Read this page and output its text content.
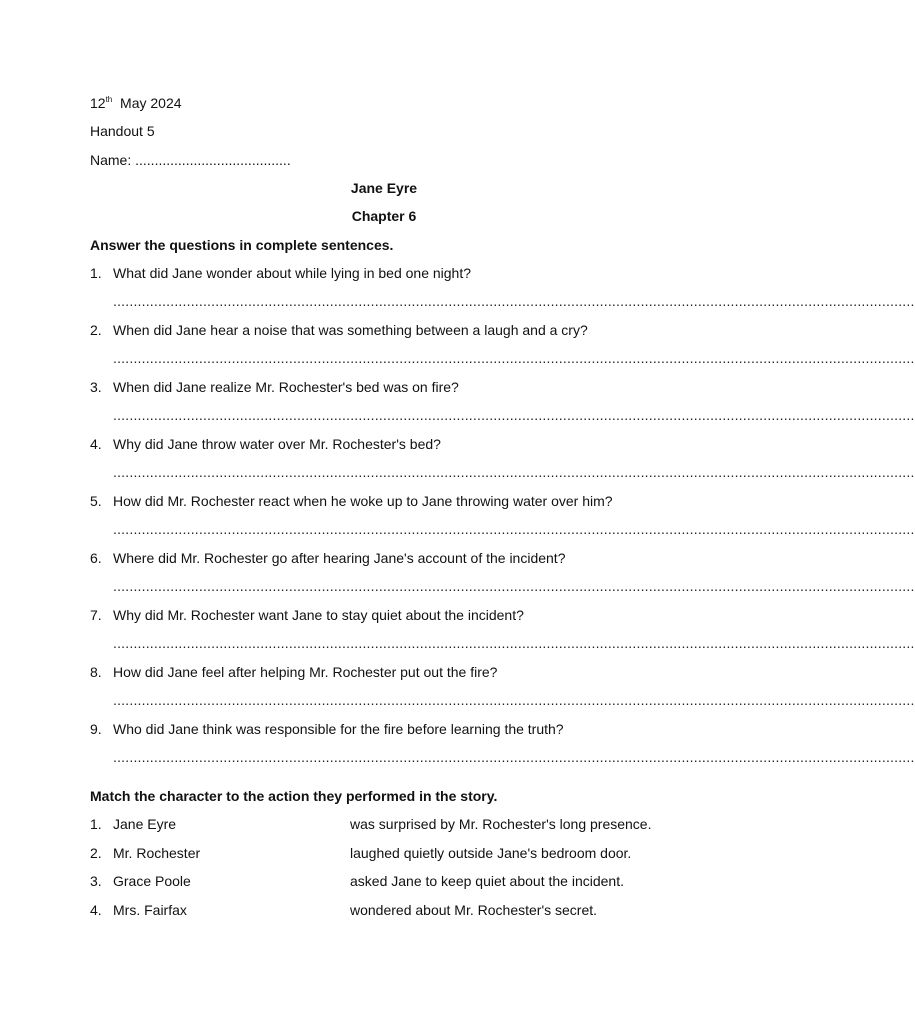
12th May 2024
Handout 5
Name: ........................................
Jane Eyre
Chapter 6
Answer the questions in complete sentences.
1. What did Jane wonder about while lying in bed one night?
....................................................................................................................................................................................................
2. When did Jane hear a noise that was something between a laugh and a cry?
....................................................................................................................................................................................................
3. When did Jane realize Mr. Rochester's bed was on fire?
....................................................................................................................................................................................................
4. Why did Jane throw water over Mr. Rochester's bed?
....................................................................................................................................................................................................
5. How did Mr. Rochester react when he woke up to Jane throwing water over him?
....................................................................................................................................................................................................
6. Where did Mr. Rochester go after hearing Jane's account of the incident?
....................................................................................................................................................................................................
7. Why did Mr. Rochester want Jane to stay quiet about the incident?
....................................................................................................................................................................................................
8. How did Jane feel after helping Mr. Rochester put out the fire?
....................................................................................................................................................................................................
9. Who did Jane think was responsible for the fire before learning the truth?
....................................................................................................................................................................................................
Match the character to the action they performed in the story.
1. Jane Eyre	was surprised by Mr. Rochester's long presence.
2. Mr. Rochester	laughed quietly outside Jane's bedroom door.
3. Grace Poole	asked Jane to keep quiet about the incident.
4. Mrs. Fairfax	wondered about Mr. Rochester's secret.
